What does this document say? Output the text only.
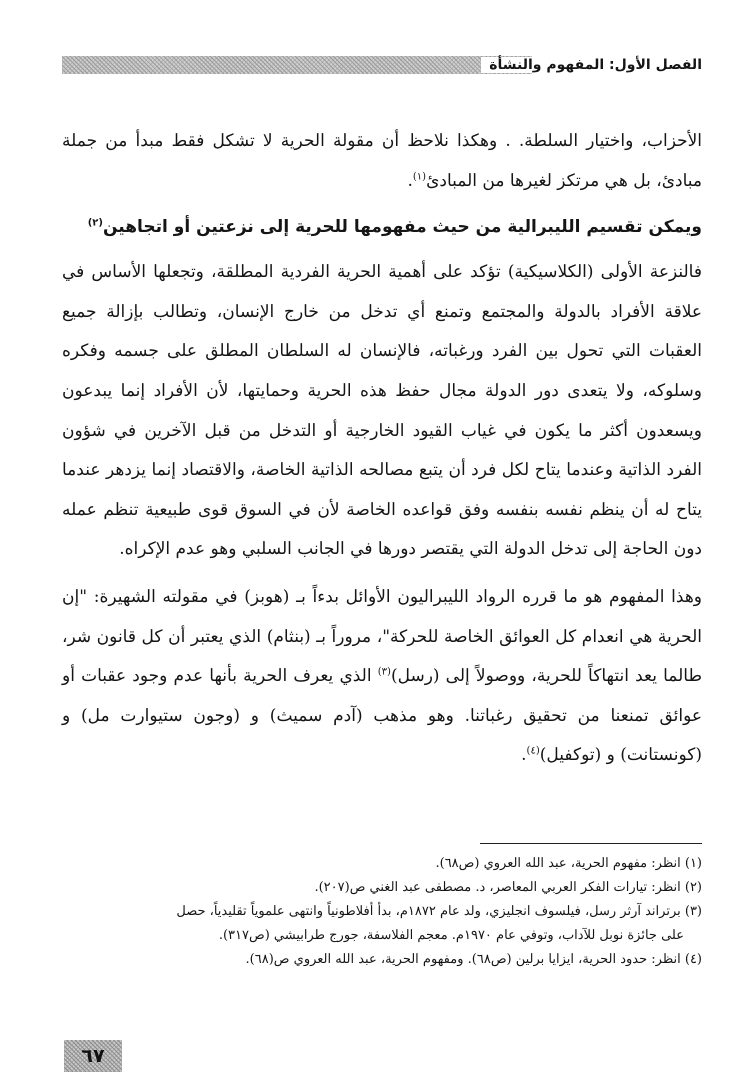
الفصل الأول: المفهوم والنشأة

الأحزاب، واختيار السلطة. . وهكذا نلاحظ أن مقولة الحرية لا تشكل فقط مبدأ من جملة مبادئ، بل هي مرتكز لغيرها من المبادئ$^{(١)}$.

ويمكن تقسيم الليبرالية من حيث مفهومها للحرية إلى نزعتين أو اتجاهين$^{(٢)}$

فالنزعة الأولى (الكلاسيكية) تؤكد على أهمية الحرية الفردية المطلقة، وتجعلها الأساس في علاقة الأفراد بالدولة والمجتمع وتمنع أي تدخل من خارج الإنسان، وتطالب بإزالة جميع العقبات التي تحول بين الفرد ورغباته، فالإنسان له السلطان المطلق على جسمه وفكره وسلوكه، ولا يتعدى دور الدولة مجال حفظ هذه الحرية وحمايتها، لأن الأفراد إنما يبدعون ويسعدون أكثر ما يكون في غياب القيود الخارجية أو التدخل من قبل الآخرين في شؤون الفرد الذاتية وعندما يتاح لكل فرد أن يتبع مصالحه الذاتية الخاصة، والاقتصاد إنما يزدهر عندما يتاح له أن ينظم نفسه بنفسه وفق قواعده الخاصة لأن في السوق قوى طبيعية تنظم عمله دون الحاجة إلى تدخل الدولة التي يقتصر دورها في الجانب السلبي وهو عدم الإكراه.

وهذا المفهوم هو ما قرره الرواد الليبراليون الأوائل بدءاً بـ (هوبز) في مقولته الشهيرة: "إن الحرية هي انعدام كل العوائق الخاصة للحركة"، مروراً بـ (بنثام) الذي يعتبر أن كل قانون شر، طالما يعد انتهاكاً للحرية، ووصولاً إلى (رسل)$^{(٣)}$ الذي يعرف الحرية بأنها عدم وجود عقبات أو عوائق تمنعنا من تحقيق رغباتنا. وهو مذهب (آدم سميث) و (وجون ستيوارت مل) و (كونستانت) و (توكفيل)$^{(٤)}$.

(١) انظر: مفهوم الحرية، عبد الله العروي (ص٦٨).

(٢) انظر: تيارات الفكر العربي المعاصر، د. مصطفى عبد الغني ص(٢٠٧).

(٣) برتراند آرثر رسل، فيلسوف انجليزي، ولد عام ١٨٧٢م، بدأ أفلاطونياً وانتهى علموياً تقليدياً، حصل

على جائزة نوبل للآداب، وتوفي عام ١٩٧٠م. معجم الفلاسفة، جورج طرابيشي (ص٣١٧).

(٤) انظر: حدود الحرية، ايزايا برلين (ص٦٨). ومفهوم الحرية، عبد الله العروي ص(٦٨).

٦٧
